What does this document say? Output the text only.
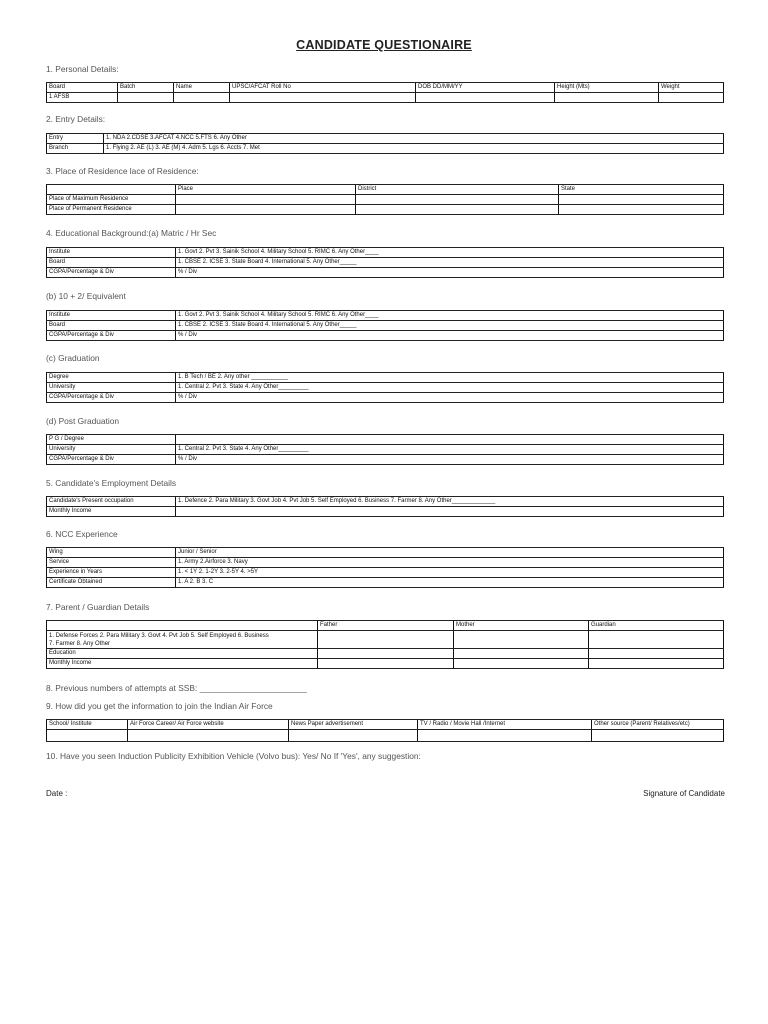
CANDIDATE QUESTIONAIRE
1. Personal Details:
Board	Batch	Name	UPSC/AFCAT Roll No	DOB DD/MM/YY	Height (Mts)	Weight
1 AFSB						
2. Entry Details:
Entry	1. NDA 2.CDSE 3.AFCAT 4.NCC 5.FTS 6. Any Other
Branch	1. Flying 2. AE (L) 3. AE (M) 4. Adm 5. Lgs 6. Accts 7. Met
3. Place of Residence lace of Residence:
	Place	District	State
Place of Maximum Residence			
Place of Permanent Residence			
4. Educational Background:(a) Matric / Hr Sec
Institute	1. Govt 2. Pvt 3. Sainik School 4. Military School 5. RIMC 6. Any Other____
Board	1. CBSE 2. ICSE 3. State Board 4. International 5. Any Other_____
CGPA/Percentage & Div	% / Div
(b) 10 + 2/ Equivalent
Institute	1. Govt 2. Pvt 3. Sainik School 4. Military School 5. RIMC 6. Any Other____
Board	1. CBSE 2. ICSE 3. State Board 4. International 5. Any Other_____
CGPA/Percentage & Div	% / Div
(c) Graduation
Degree	1. B Tech / BE 2. Any other ___________
University	1. Central 2. Pvt 3. State 4. Any Other_________
CGPA/Percentage & Div	% / Div
(d) Post Graduation
P G / Degree	
University	1. Central 2. Pvt 3. State 4. Any Other_________
CGPA/Percentage & Div	% / Div
5. Candidate's Employment Details
Candidate's Present occupation	1. Defence 2. Para Military 3. Govt Job 4. Pvt Job 5. Self Employed 6. Business 7. Farmer 8. Any Other_____________
Monthly Income	
6. NCC Experience
Wing	Junior / Senior
Service	1. Army 2.Airforce 3. Navy
Experience in Years	1. < 1Y 2. 1-2Y 3. 2-5Y 4. >5Y
Certificate Obtained	1. A 2. B 3. C
7. Parent / Guardian Details
	Father	Mother	Guardian

1. Defense Forces 2. Para Military 3. Govt 4. Pvt Job 5. Self Employed 6. Business
7. Farmer 8. Any Other			

Education			
Monthly Income			
8. Previous numbers of attempts at SSB: _______________________
9. How did you get the information to join the Indian Air Force
School/ Institute	Air Force Career/ Air Force website	News Paper advertisement	TV / Radio / Movie Hall /Internet	Other source (Parent/ Relatives/etc)

10. Have you seen Induction Publicity Exhibition Vehicle (Volvo bus): Yes/ No If 'Yes', any suggestion:
Date :	Signature of Candidate
